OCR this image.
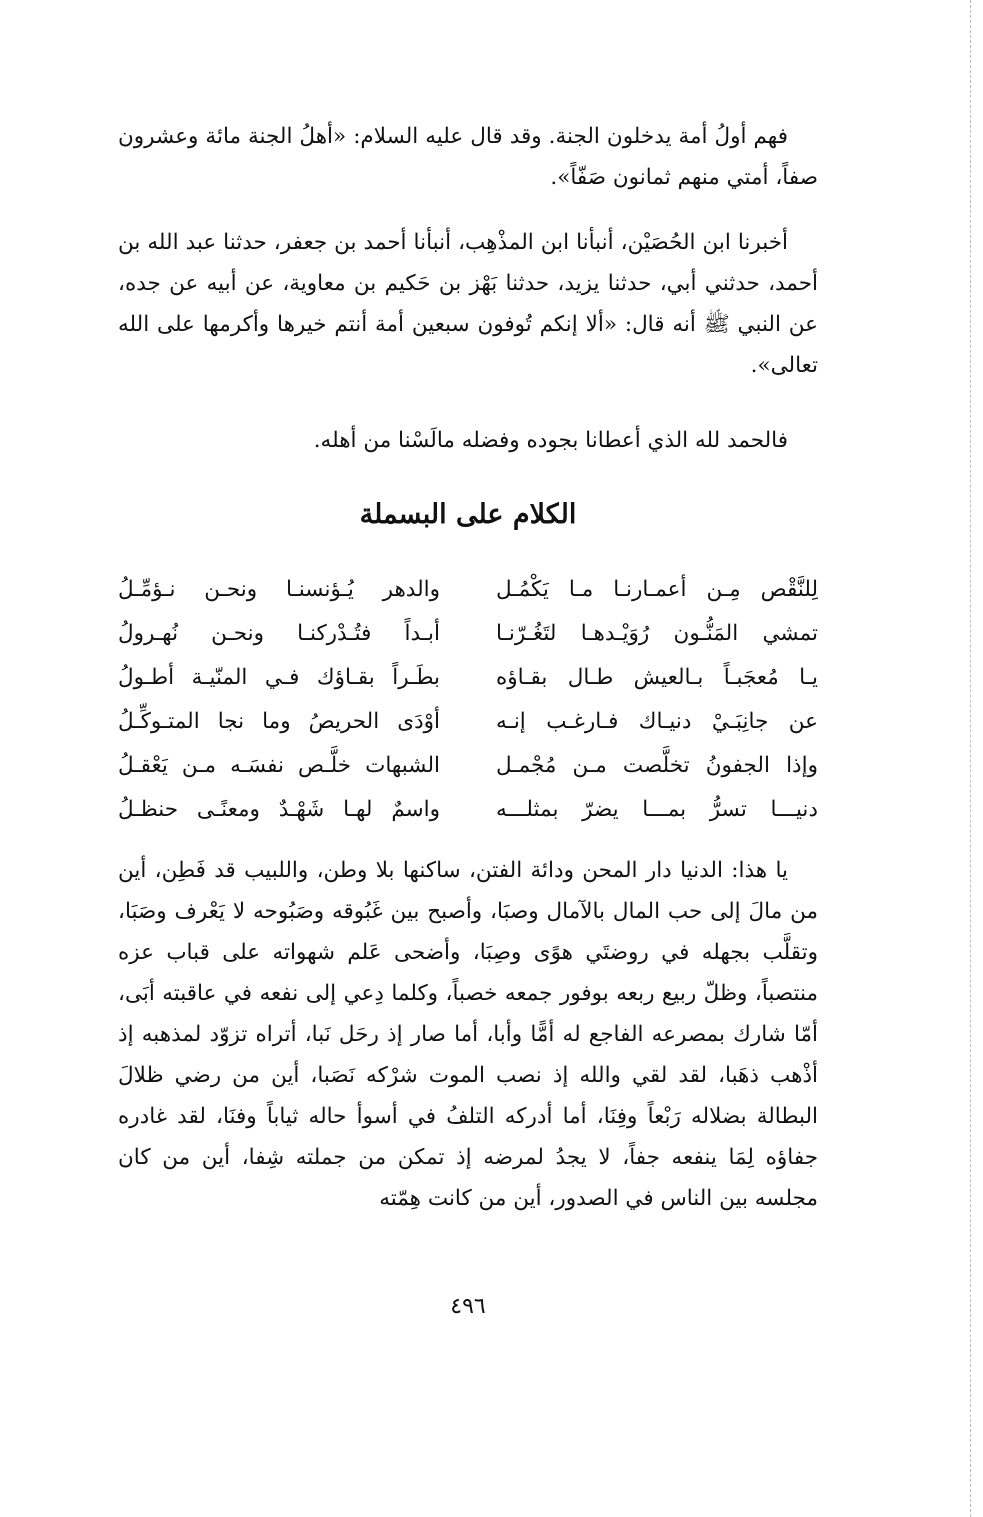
فهم أولُ أمة يدخلون الجنة. وقد قال عليه السلام: «أهلُ الجنة مائة وعشرون صفاً، أمتي منهم ثمانون صَفّاً».

أخبرنا ابن الحُصَيْن، أنبأنا ابن المذْهِب، أنبأنا أحمد بن جعفر، حدثنا عبد الله بن أحمد، حدثني أبي، حدثنا يزيد، حدثنا بَهْز بن حَكيم بن معاوية، عن أبيه عن جده، عن النبي ﷺ أنه قال: «ألا إنكم تُوفون سبعين أمة أنتم خيرها وأكرمها على الله تعالى».

فالحمد لله الذي أعطانا بجوده وفضله مالَسْنا من أهله.

الكلام على البسملة
لِلنَّقْص مِـن أعمـارنـا مـا يَكْمُـل
والدهر يُـؤنسنـا ونحـن نـؤمِّـلُ
تمشي المَنُّـون رُوَيْـدهـا لتَغُـرّنـا
أبـداً فتُـدْركنـا ونحـن نُهـرولُ
يـا مُعجَبـاً بـالعيش طـال بقـاؤه
بطَـراً بقـاؤك فـي المنّيـة أطـولُ
عن جانِبَـيْ دنيـاك فـارغـب إنـه
أوْدَى الحريصُ وما نجا المتـوكِّـلُ
وإذا الجفونُ تخلَّصت مـن مُجْمـل
الشبهات خلَّـص نفسَـه مـن يَعْقـلُ
دنيـــا تسرُّ بمـــا يضرّ بمثلـــه
واسمٌ لهـا شَهْـدٌ ومعنًـى حنظـلُ

يا هذا: الدنيا دار المحن ودائة الفتن، ساكنها بلا وطن، واللبيب قد فَطِن، أين من مالَ إلى حب المال بالآمال وصبَا، وأصبح بين غَبُوقه وصَبُوحه لا يَعْرف وصَبَا، وتقلَّب بجهله في روضتَي هوًى وصِبَا، وأضحى عَلم شهواته على قباب عزه منتصباً، وظلّ ربيع ربعه بوفور جمعه خصباً، وكلما دِعي إلى نفعه في عاقبته أبَى، أمّا شارك بمصرعه الفاجع له أمًّا وأبا، أما صار إذ رحَل نَبا، أتراه تزوّد لمذهبه إذ أذْهب ذهَبا، لقد لقي والله إذ نصب الموت شرْكه نَصَبا، أين من رضي ظلالَ البطالة بضلاله رَبْعاً وفِنَا، أما أدركه التلفُ في أسوأ حاله ثياباً وفنَا، لقد غادره جفاؤه لِمَا ينفعه جفاً، لا يجدُ لمرضه إذ تمكن من جملته شِفا، أين من كان مجلسه بين الناس في الصدور، أين من كانت هِمّته

٤٩٦
